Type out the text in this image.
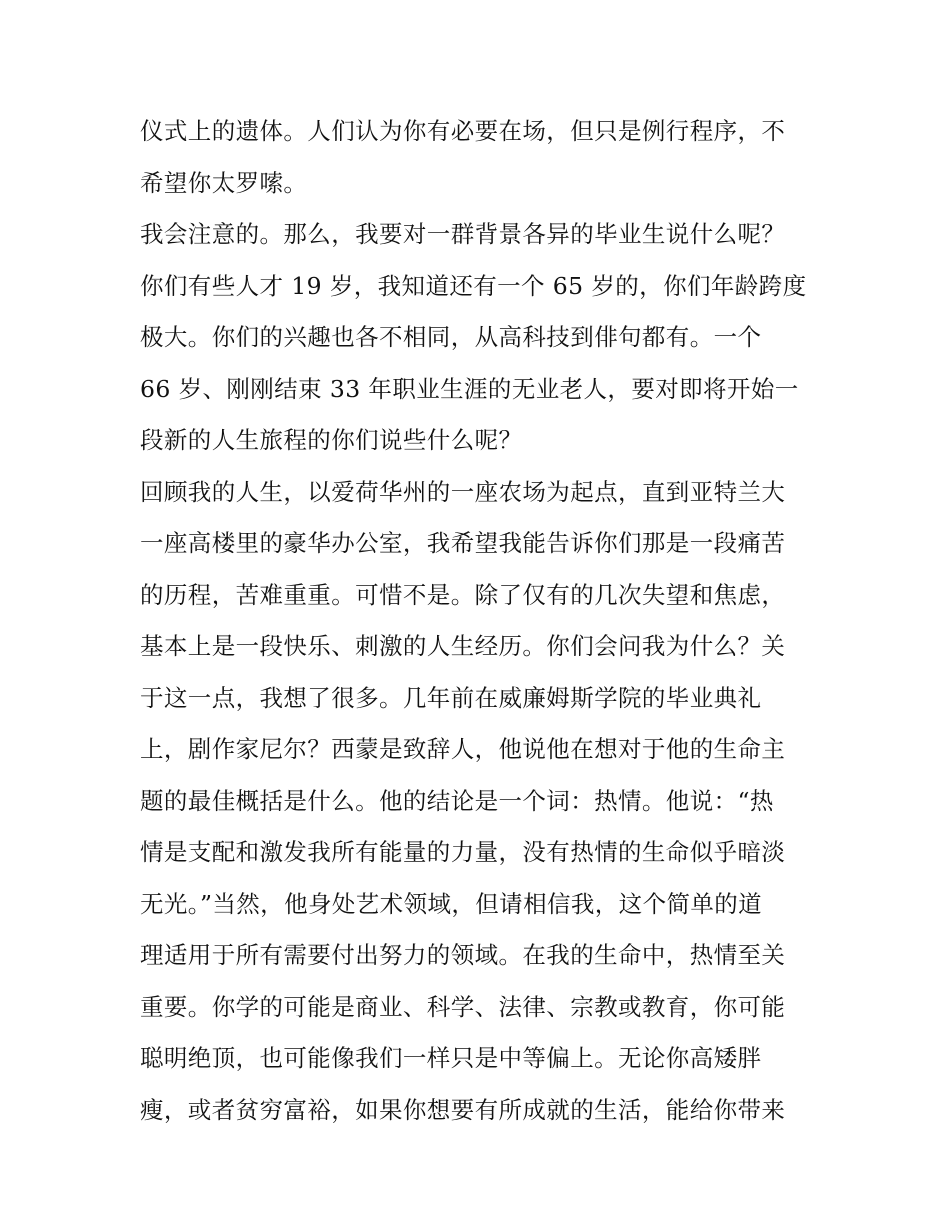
仪式上的遗体。人们认为你有必要在场，但只是例行程序，不
希望你太罗嗦。
我会注意的。那么，我要对一群背景各异的毕业生说什么呢？
你们有些人才 19 岁，我知道还有一个 65 岁的，你们年龄跨度
极大。你们的兴趣也各不相同，从高科技到俳句都有。一个
66 岁、刚刚结束 33 年职业生涯的无业老人，要对即将开始一
段新的人生旅程的你们说些什么呢？
回顾我的人生，以爱荷华州的一座农场为起点，直到亚特兰大
一座高楼里的豪华办公室，我希望我能告诉你们那是一段痛苦
的历程，苦难重重。可惜不是。除了仅有的几次失望和焦虑，
基本上是一段快乐、刺激的人生经历。你们会问我为什么？关
于这一点，我想了很多。几年前在威廉姆斯学院的毕业典礼
上，剧作家尼尔？西蒙是致辞人，他说他在想对于他的生命主
题的最佳概括是什么。他的结论是一个词：热情。他说：“热
情是支配和激发我所有能量的力量，没有热情的生命似乎暗淡
无光。”当然，他身处艺术领域，但请相信我，这个简单的道
理适用于所有需要付出努力的领域。在我的生命中，热情至关
重要。你学的可能是商业、科学、法律、宗教或教育，你可能
聪明绝顶，也可能像我们一样只是中等偏上。无论你高矮胖
瘦，或者贫穷富裕，如果你想要有所成就的生活，能给你带来
